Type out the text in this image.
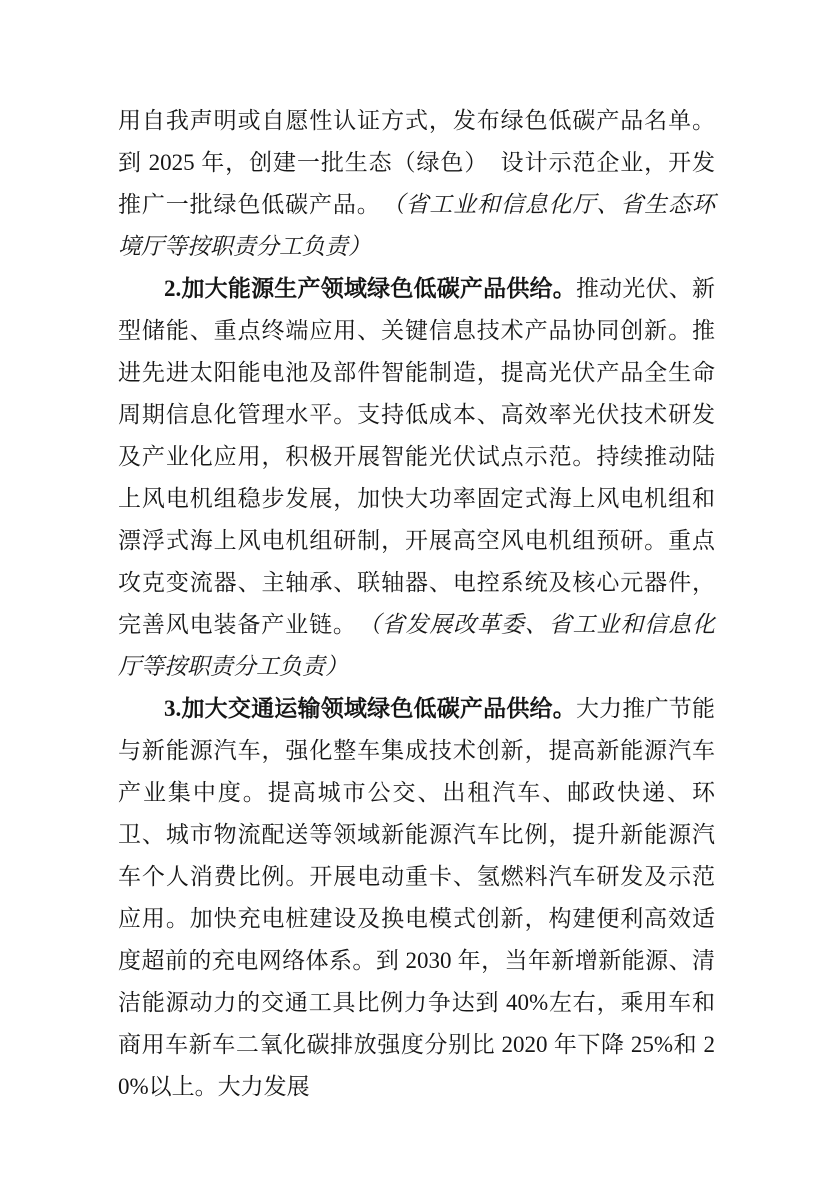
用自我声明或自愿性认证方式，发布绿色低碳产品名单。到 2025 年，创建一批生态（绿色）　设计示范企业，开发推广一批绿色低碳产品。　（省工业和信息化厅、省生态环境厅等按职责分工负责）

2.加大能源生产领域绿色低碳产品供给。推动光伏、新型储能、重点终端应用、关键信息技术产品协同创新。推进先进太阳能电池及部件智能制造，提高光伏产品全生命周期信息化管理水平。支持低成本、高效率光伏技术研发及产业化应用，积极开展智能光伏试点示范。持续推动陆上风电机组稳步发展，加快大功率固定式海上风电机组和漂浮式海上风电机组研制，开展高空风电机组预研。重点攻克变流器、主轴承、联轴器、电控系统及核心元器件，完善风电装备产业链。　（省发展改革委、省工业和信息化厅等按职责分工负责）

3.加大交通运输领域绿色低碳产品供给。大力推广节能与新能源汽车，强化整车集成技术创新，提高新能源汽车产业集中度。提高城市公交、出租汽车、邮政快递、环卫、城市物流配送等领域新能源汽车比例，提升新能源汽车个人消费比例。开展电动重卡、氢燃料汽车研发及示范应用。加快充电桩建设及换电模式创新，构建便利高效适度超前的充电网络体系。到 2030 年，当年新增新能源、清洁能源动力的交通工具比例力争达到 40%左右，乘用车和商用车新车二氧化碳排放强度分别比 2020 年下降 25%和 20%以上。大力发展
